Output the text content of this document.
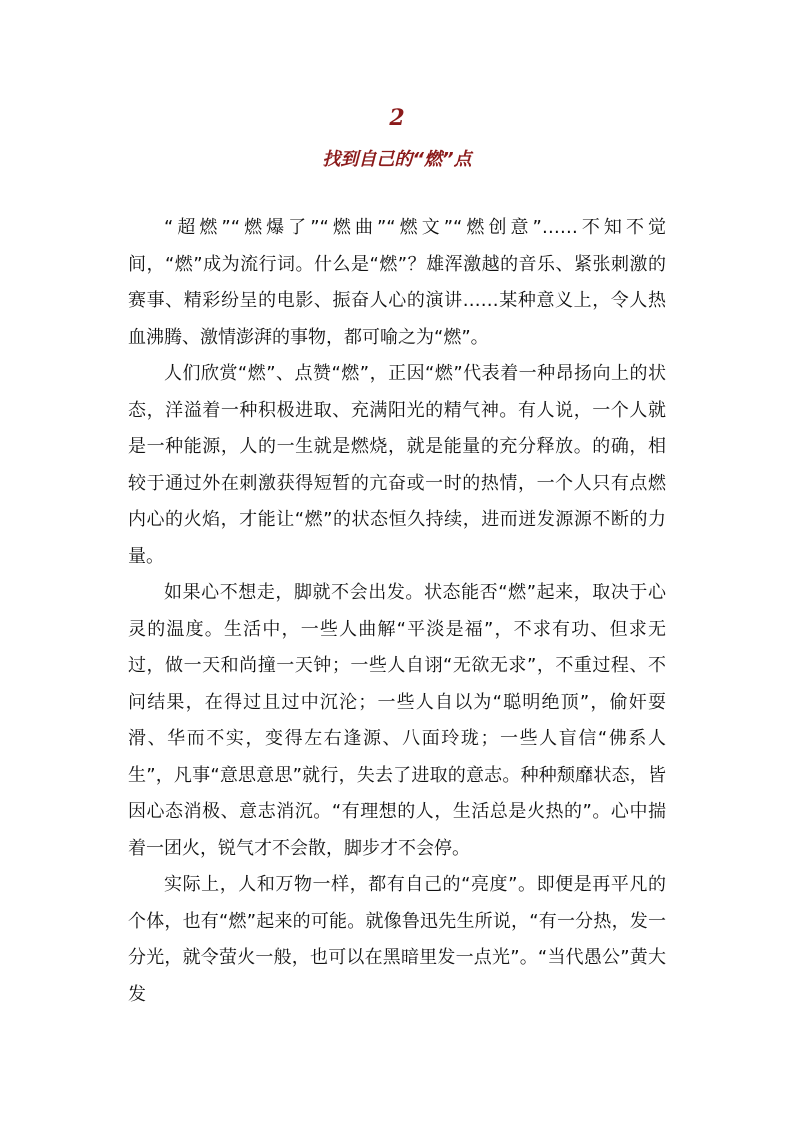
2
找到自己的“燃”点

“超燃”“燃爆了”“燃曲”“燃文”“燃创意”……不知不觉间，“燃”成为流行词。什么是“燃”？雄浑激越的音乐、紧张刺激的赛事、精彩纷呈的电影、振奋人心的演讲……某种意义上，令人热血沸腾、激情澎湃的事物，都可喻之为“燃”。

人们欣赏“燃”、点赞“燃”，正因“燃”代表着一种昂扬向上的状态，洋溢着一种积极进取、充满阳光的精气神。有人说，一个人就是一种能源，人的一生就是燃烧，就是能量的充分释放。的确，相较于通过外在刺激获得短暂的亢奋或一时的热情，一个人只有点燃内心的火焰，才能让“燃”的状态恒久持续，进而迸发源源不断的力量。

如果心不想走，脚就不会出发。状态能否“燃”起来，取决于心灵的温度。生活中，一些人曲解“平淡是福”，不求有功、但求无过，做一天和尚撞一天钟；一些人自诩“无欲无求”，不重过程、不问结果，在得过且过中沉沦；一些人自以为“聪明绝顶”，偷奸耍滑、华而不实，变得左右逢源、八面玲珑；一些人盲信“佛系人生”，凡事“意思意思”就行，失去了进取的意志。种种颓靡状态，皆因心态消极、意志消沉。“有理想的人，生活总是火热的”。心中揣着一团火，锐气才不会散，脚步才不会停。

实际上，人和万物一样，都有自己的“亮度”。即便是再平凡的个体，也有“燃”起来的可能。就像鲁迅先生所说，“有一分热，发一分光，就令萤火一般，也可以在黑暗里发一点光”。“当代愚公”黄大发
